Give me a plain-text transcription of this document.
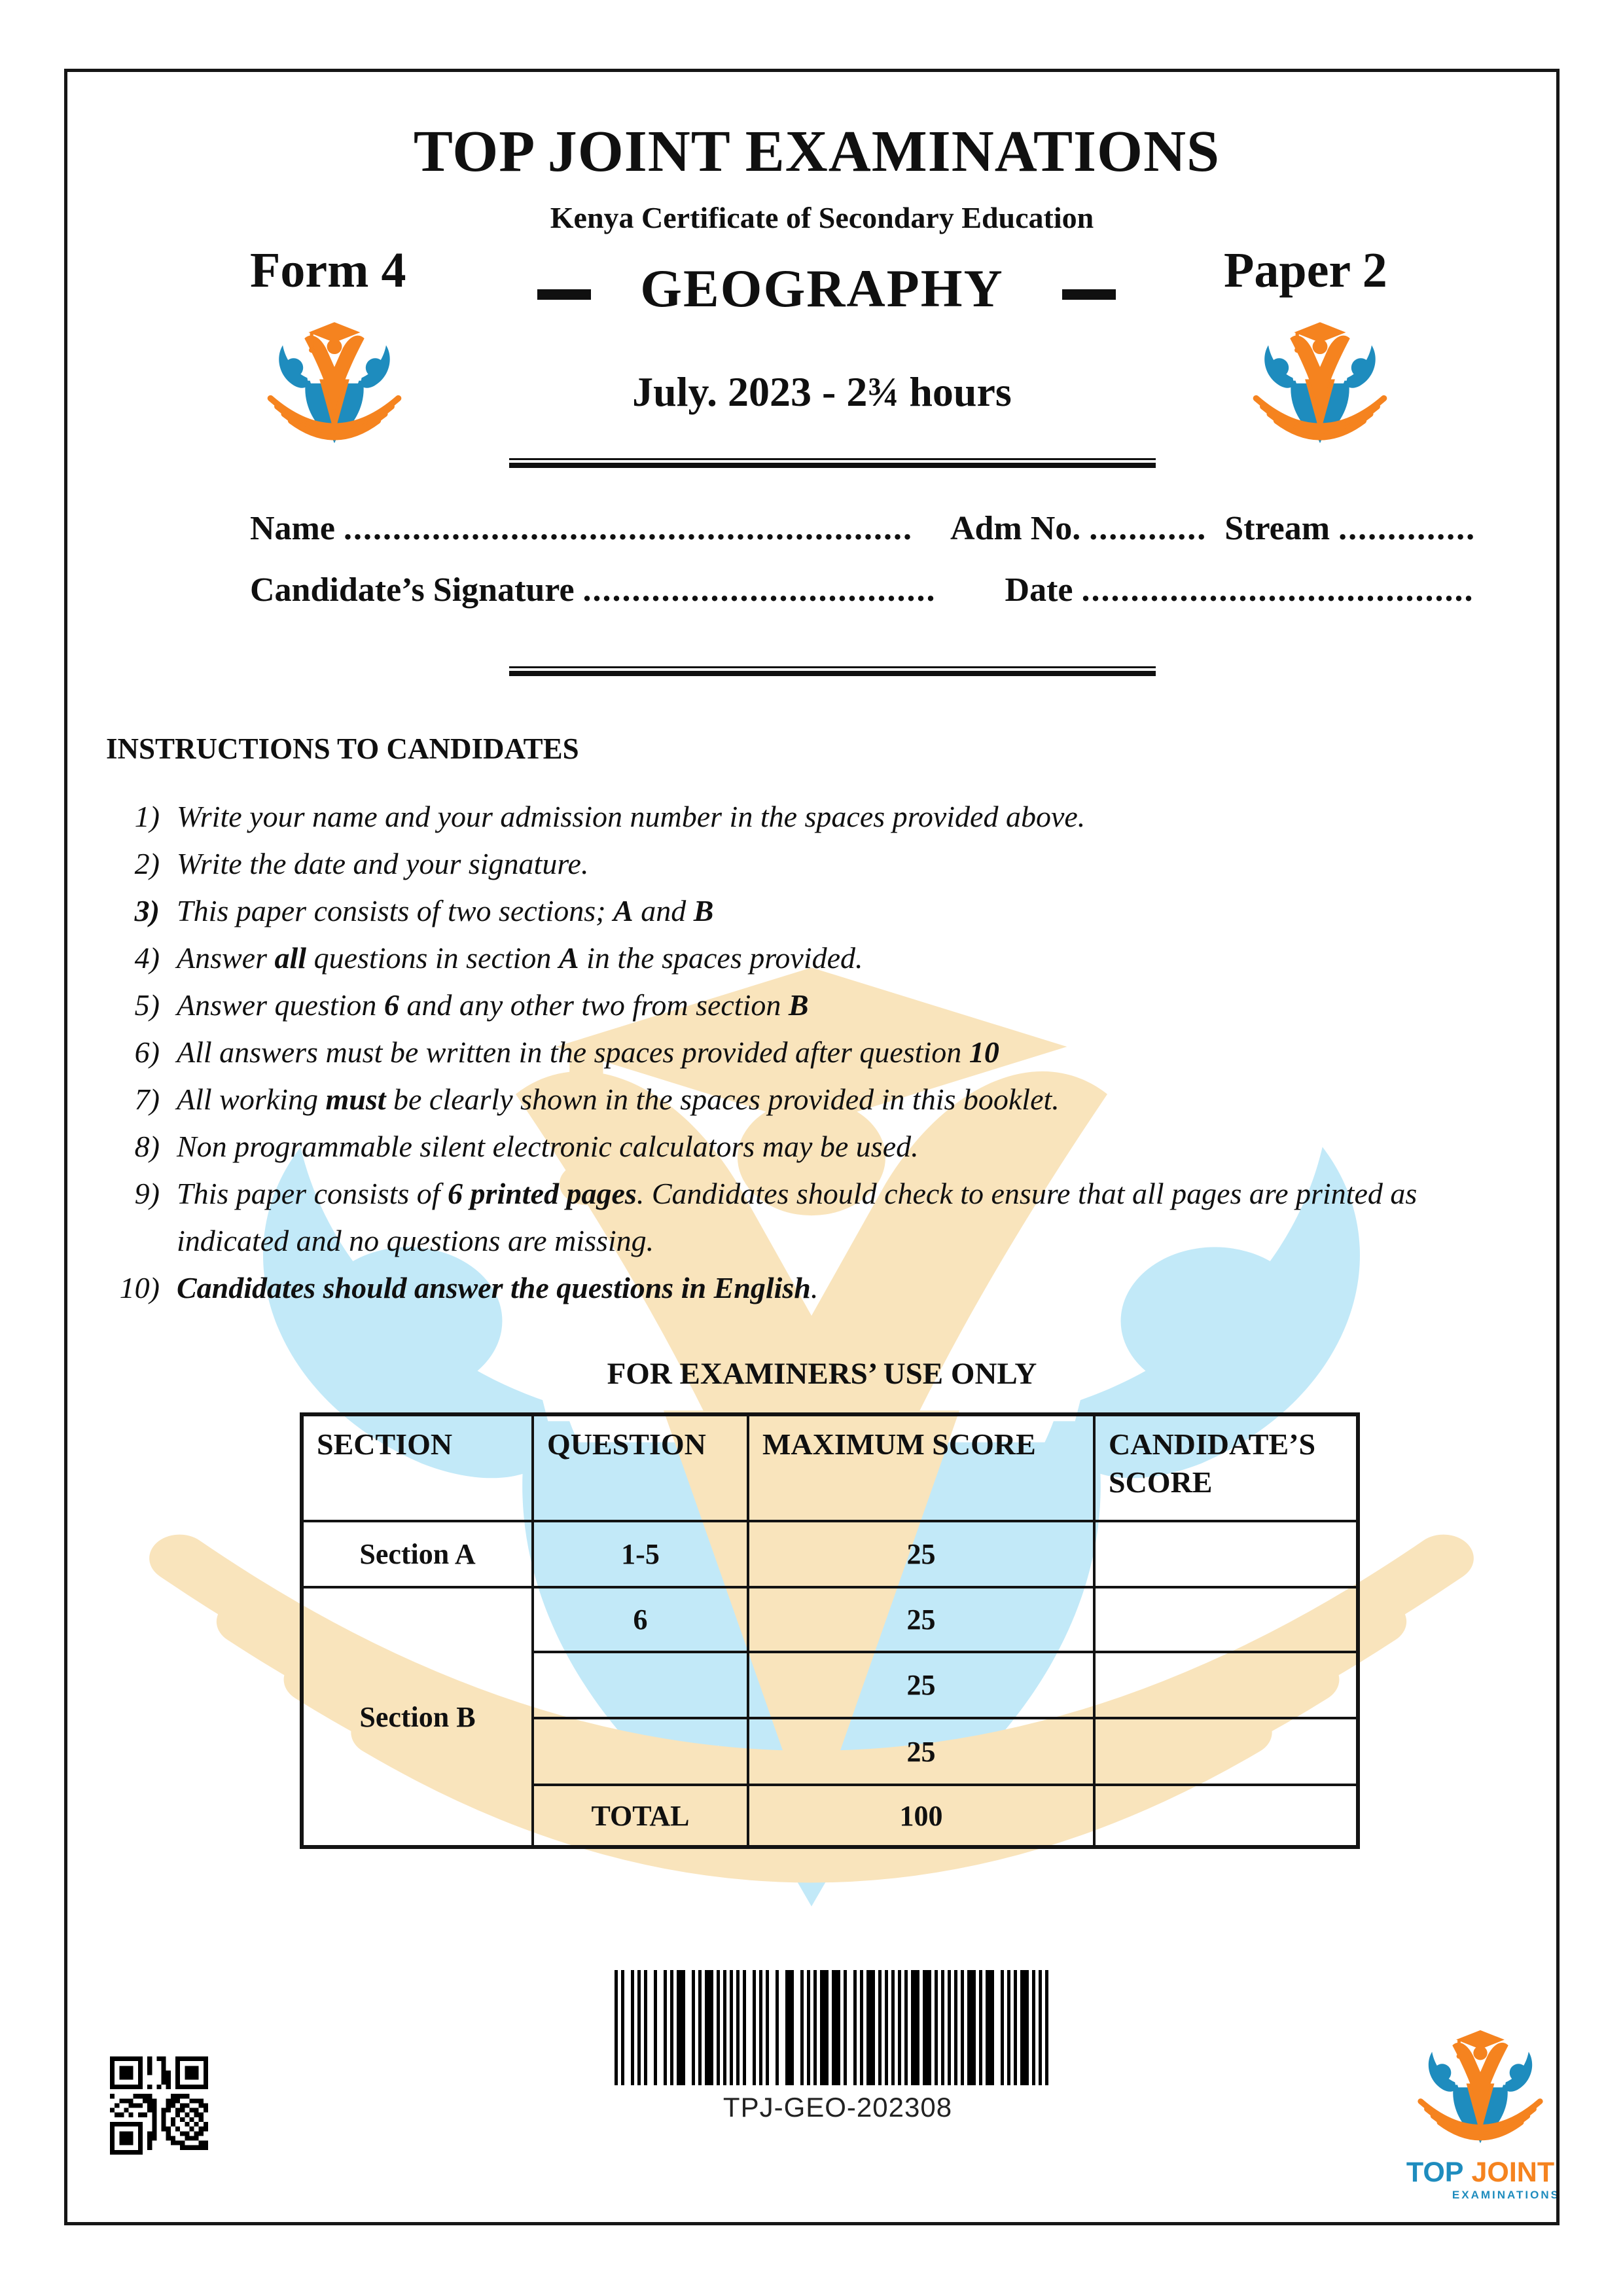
TOP JOINT EXAMINATIONS
Kenya Certificate of Secondary Education
Form 4	Paper 2
GEOGRAPHY
July. 2023 - 2¾ hours
Name .......................................................... Adm No. ............ Stream ..............
Candidate’s Signature .................................... Date ........................................
INSTRUCTIONS TO CANDIDATES
1) Write your name and your admission number in the spaces provided above.
2) Write the date and your signature.
3) This paper consists of two sections; A and B
4) Answer all questions in section A in the spaces provided.
5) Answer question 6 and any other two from section B
6) All answers must be written in the spaces provided after question 10
7) All working must be clearly shown in the spaces provided in this booklet.
8) Non programmable silent electronic calculators may be used.
9) This paper consists of 6 printed pages. Candidates should check to ensure that all pages are printed as indicated and no questions are missing.
10) Candidates should answer the questions in English.
FOR EXAMINERS’ USE ONLY
SECTION	QUESTION	MAXIMUM SCORE	CANDIDATE’S SCORE
Section A	1-5	25	
Section B	6	25	
		25	
		25	
	TOTAL	100	
TPJ-GEO-202308
TOP JOINT
EXAMINATIONS
